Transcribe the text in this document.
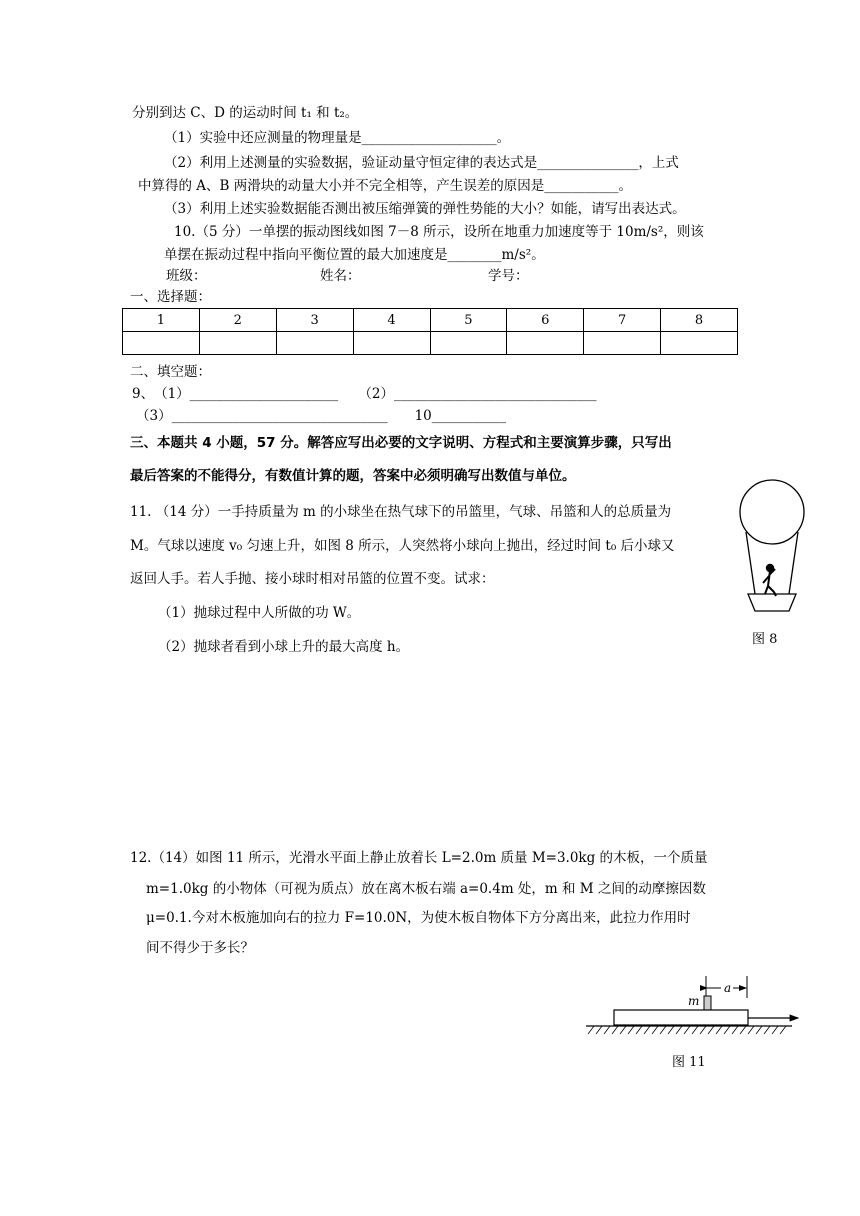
分别到达 C、D 的运动时间 t₁ 和 t₂。
（1）实验中还应测量的物理量是____________________。
（2）利用上述测量的实验数据，验证动量守恒定律的表达式是_______________，上式
中算得的 A、B 两滑块的动量大小并不完全相等，产生误差的原因是___________。
（3）利用上述实验数据能否测出被压缩弹簧的弹性势能的大小？如能，请写出表达式。
10.（5 分）一单摆的振动图线如图 7－8 所示，设所在地重力加速度等于 10m/s²，则该
单摆在振动过程中指向平衡位置的最大加速度是________m/s²。
班级：	姓名：	学号：
一、选择题：
1	2	3	4	5	6	7	8

二、填空题：
9、　（1）______________________　　（2）______________________________
（3）________________________________　　10___________
三、本题共 4 小题，57 分。解答应写出必要的文字说明、方程式和主要演算步骤，只写出
最后答案的不能得分，有数值计算的题，答案中必须明确写出数值与单位。
11. （14 分）一手持质量为 m 的小球坐在热气球下的吊篮里，气球、吊篮和人的总质量为
M。气球以速度 v₀ 匀速上升，如图 8 所示，人突然将小球向上抛出，经过时间 t₀ 后小球又
返回人手。若人手抛、接小球时相对吊篮的位置不变。试求：
（1）抛球过程中人所做的功 W。
（2）抛球者看到小球上升的最大高度 h。	图 8
12.（14）如图 11 所示，光滑水平面上静止放着长 L=2.0m 质量 M=3.0kg 的木板，一个质量
m=1.0kg 的小物体（可视为质点）放在离木板右端 a=0.4m 处，m 和 M 之间的动摩擦因数
μ=0.1.今对木板施加向右的拉力 F=10.0N，为使木板自物体下方分离出来，此拉力作用时
间不得少于多长？
m
a
图 11
